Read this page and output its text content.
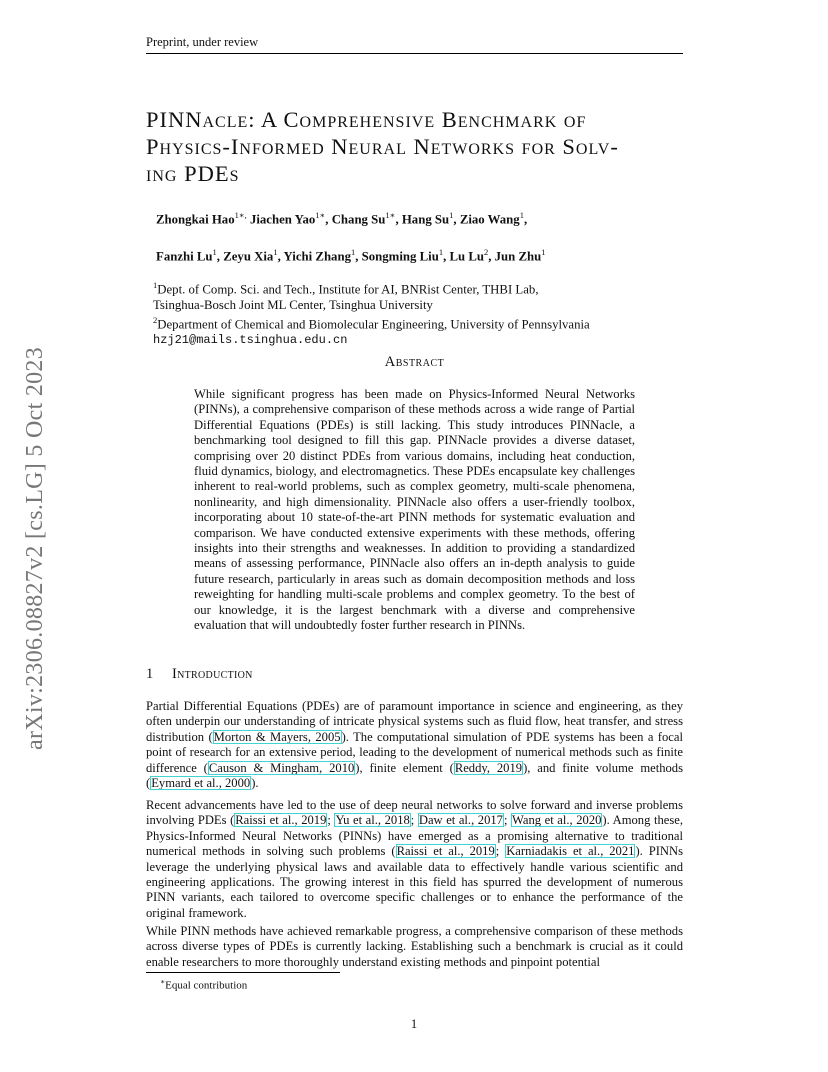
Preprint, under review
arXiv:2306.08827v2 [cs.LG] 5 Oct 2023
PINNacle: A Comprehensive Benchmark of
Physics-Informed Neural Networks for Solv-
ing PDEs
Zhongkai Hao$^{1∗,}$ Jiachen Yao$^{1∗}$, Chang $Su^{1∗}$, Hang Su$^1$, Ziao Wang$^1$,
Fanzhi Lu$^1$, Zeyu Xia$^1$, Yichi Zhang$^1$, Songming Liu$^1$, Lu Lu$^2$, Jun Zhu$^1$
$^1$Dept. of Comp. Sci. and Tech., Institute for AI, BNRist Center, THBI Lab,
Tsinghua-Bosch Joint ML Center, Tsinghua University
$^2$Department of Chemical and Biomolecular Engineering, University of Pennsylvania
hzj21@mails.tsinghua.edu.cn
Abstract

While significant progress has been made on Physics-Informed Neural Networks (PINNs), a comprehensive comparison of these methods across a wide range of Partial Differential Equations (PDEs) is still lacking. This study introduces PINNacle, a benchmarking tool designed to fill this gap. PINNacle provides a diverse dataset, comprising over 20 distinct PDEs from various domains, including heat conduction, fluid dynamics, biology, and electromagnetics. These PDEs encapsulate key challenges inherent to real-world problems, such as complex geometry, multi-scale phenomena, nonlinearity, and high dimensionality. PINNacle also offers a user-friendly toolbox, incorporating about 10 state-of-the-art PINN methods for systematic evaluation and comparison. We have conducted extensive experiments with these methods, offering insights into their strengths and weaknesses. In addition to providing a standardized means of assessing performance, PINNacle also offers an in-depth analysis to guide future research, particularly in areas such as domain decomposition methods and loss reweighting for handling multi-scale problems and complex geometry. To the best of our knowledge, it is the largest benchmark with a diverse and comprehensive evaluation that will undoubtedly foster further research in PINNs.

1 Introduction

Partial Differential Equations (PDEs) are of paramount importance in science and engineering, as they often underpin our understanding of intricate physical systems such as fluid flow, heat transfer, and stress distribution (Morton & Mayers, 2005). The computational simulation of PDE systems has been a focal point of research for an extensive period, leading to the development of numerical methods such as finite difference (Causon & Mingham, 2010), finite element (Reddy, 2019), and finite volume methods (Eymard et al., 2000).

Recent advancements have led to the use of deep neural networks to solve forward and inverse problems involving PDEs (Raissi et al., 2019; Yu et al., 2018; Daw et al., 2017; Wang et al., 2020). Among these, Physics-Informed Neural Networks (PINNs) have emerged as a promising alternative to traditional numerical methods in solving such problems (Raissi et al., 2019; Karniadakis et al., 2021). PINNs leverage the underlying physical laws and available data to effectively handle various scientific and engineering applications. The growing interest in this field has spurred the development of numerous PINN variants, each tailored to overcome specific challenges or to enhance the performance of the original framework.

While PINN methods have achieved remarkable progress, a comprehensive comparison of these methods across diverse types of PDEs is currently lacking. Establishing such a benchmark is crucial as it could enable researchers to more thoroughly understand existing methods and pinpoint potential

∗Equal contribution
1
